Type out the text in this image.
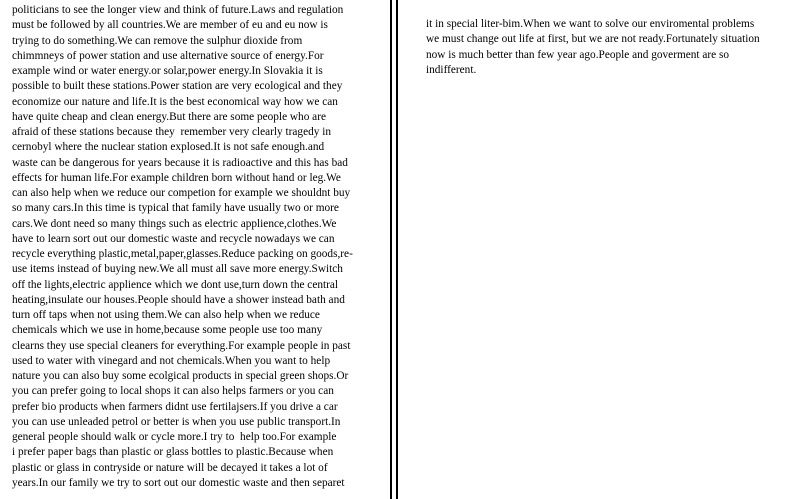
politicians to see the longer view and think of future.Laws and regulation
must be followed by all countries.We are member of eu and eu now is
trying to do something.We can remove the sulphur dioxide from
chimmneys of power station and use alternative source of energy.For
example wind or water energy.or solar,power energy.In Slovakia it is
possible to built these stations.Power station are very ecological and they
economize our nature and life.It is the best economical way how we can
have quite cheap and clean energy.But there are some people who are
afraid of these stations because they  remember very clearly tragedy in
cernobyl where the nuclear station explosed.It is not safe enough.and
waste can be dangerous for years because it is radioactive and this has bad
effects for human life.For example children born without hand or leg.We
can also help when we reduce our competion for example we shouldnt buy
so many cars.In this time is typical that family have usually two or more
cars.We dont need so many things such as electric applience,clothes.We
have to learn sort out our domestic waste and recycle nowadays we can
recycle everything plastic,metal,paper,glasses.Reduce packing on goods,re-
use items instead of buying new.We all must all save more energy.Switch
off the lights,electric applience which we dont use,turn down the central
heating,insulate our houses.People should have a shower instead bath and
turn off taps when not using them.We can also help when we reduce
chemicals which we use in home,because some people use too many
clearns they use special cleaners for everything.For example people in past
used to water with vinegard and not chemicals.When you want to help
nature you can also buy some ecolgical products in special green shops.Or
you can prefer going to local shops it can also helps farmers or you can
prefer bio products when farmers didnt use fertilajsers.If you drive a car
you can use unleaded petrol or better is when you use public transport.In
general people should walk or cycle more.I try to  help too.For example
i prefer paper bags than plastic or glass bottles to plastic.Because when
plastic or glass in contryside or nature will be decayed it takes a lot of
years.In our family we try to sort out our domestic waste and then separet
it in special liter-bim.When we want to solve our enviromental problems
we must change out life at first, but we are not ready.Fortunately situation
now is much better than few year ago.People and goverment are so
indifferent.
